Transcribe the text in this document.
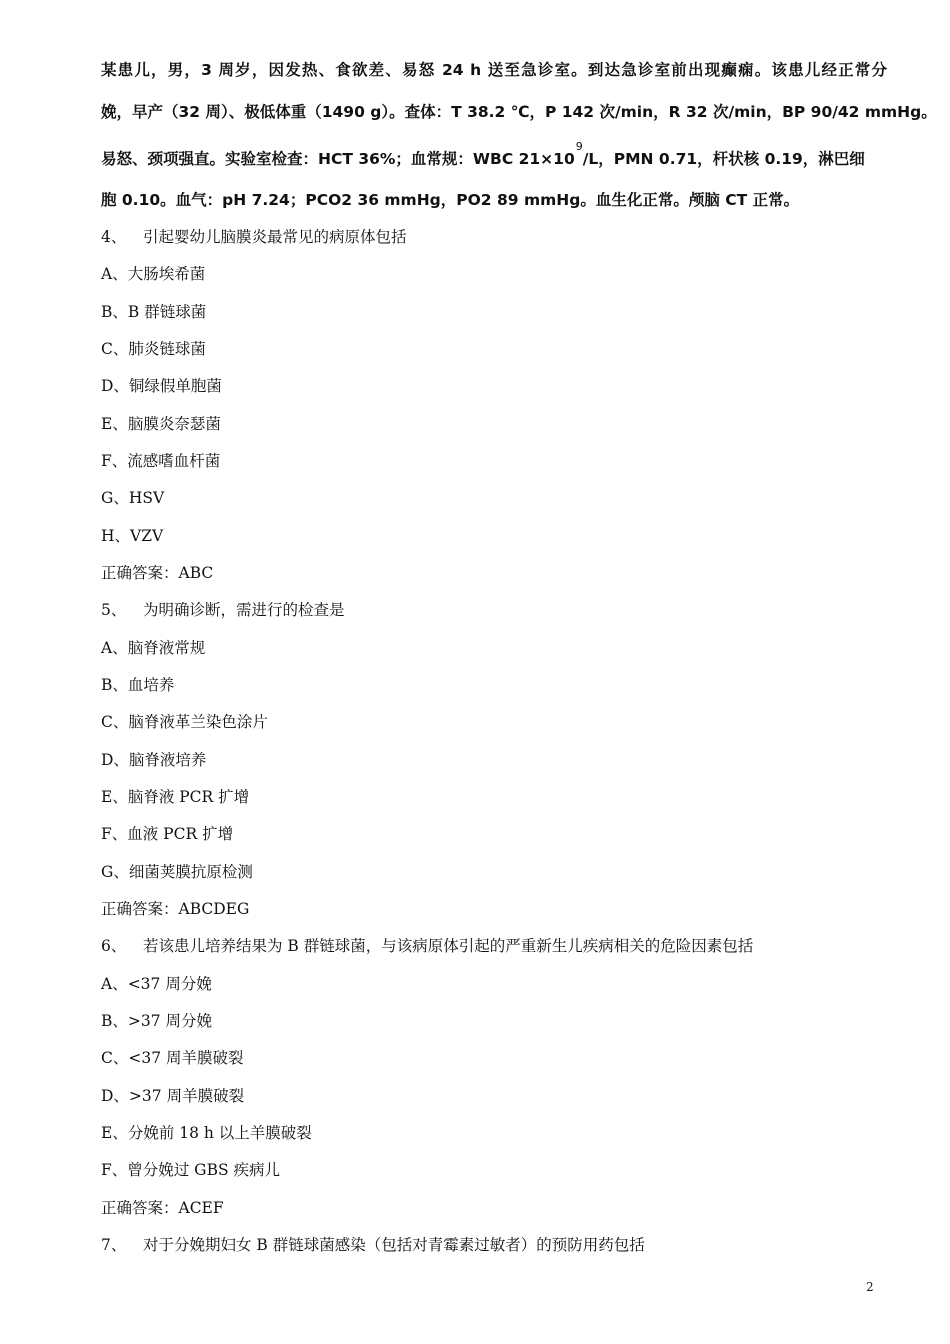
某患儿，男，3 周岁，因发热、食欲差、易怒 24 h 送至急诊室。到达急诊室前出现癫痫。该患儿经正常分
娩，早产（32 周）、极低体重（1490 g）。查体：T 38.2 ℃，P 142 次/min，R 32 次/min，BP 90/42 mmHg。
易怒、颈项强直。实验室检查：HCT 36%；血常规：WBC $21\times 10^9/L$，PMN 0.71，杆状核 0.19，淋巴细
胞 0.10。血气：pH 7.24；PCO2 36 mmHg，PO2 89 mmHg。血生化正常。颅脑 CT 正常。
4、 引起婴幼儿脑膜炎最常见的病原体包括
A、大肠埃希菌
B、B 群链球菌
C、肺炎链球菌
D、铜绿假单胞菌
E、脑膜炎奈瑟菌
F、流感嗜血杆菌
G、HSV
H、VZV
正确答案：ABC
5、 为明确诊断，需进行的检查是
A、脑脊液常规
B、血培养
C、脑脊液革兰染色涂片
D、脑脊液培养
E、脑脊液 PCR 扩增
F、血液 PCR 扩增
G、细菌荚膜抗原检测
正确答案：ABCDEG
6、 若该患儿培养结果为 B 群链球菌，与该病原体引起的严重新生儿疾病相关的危险因素包括
A、<37 周分娩
B、>37 周分娩
C、<37 周羊膜破裂
D、>37 周羊膜破裂
E、分娩前 18 h 以上羊膜破裂
F、曾分娩过 GBS 疾病儿
正确答案：ACEF
7、 对于分娩期妇女 B 群链球菌感染（包括对青霉素过敏者）的预防用药包括
2
